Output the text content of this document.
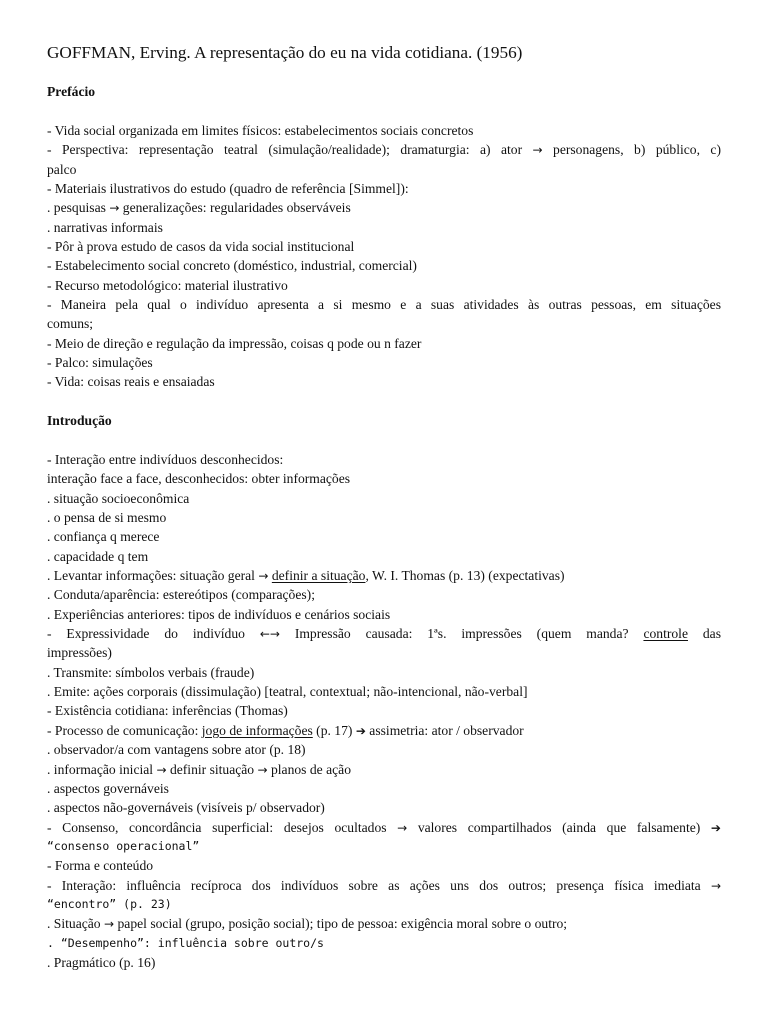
GOFFMAN, Erving. A representação do eu na vida cotidiana. (1956)
Prefácio
- Vida social organizada em limites físicos: estabelecimentos sociais concretos
- Perspectiva: representação teatral (simulação/realidade); dramaturgia: a) ator → personagens, b) público, c)
palco
- Materiais ilustrativos do estudo (quadro de referência [Simmel]):
. pesquisas → generalizações: regularidades observáveis
. narrativas informais
- Pôr à prova estudo de casos da vida social institucional
- Estabelecimento social concreto (doméstico, industrial, comercial)
- Recurso metodológico: material ilustrativo
- Maneira pela qual o indivíduo apresenta a si mesmo e a suas atividades às outras pessoas, em situações
comuns;
- Meio de direção e regulação da impressão, coisas q pode ou n fazer
- Palco: simulações
- Vida: coisas reais e ensaiadas
Introdução
- Interação entre indivíduos desconhecidos:
interação face a face, desconhecidos: obter informações
. situação socioeconômica
. o pensa de si mesmo
. confiança q merece
. capacidade q tem
. Levantar informações: situação geral → definir a situação, W. I. Thomas (p. 13) (expectativas)
. Conduta/aparência: estereótipos (comparações);
. Experiências anteriores: tipos de indivíduos e cenários sociais
- Expressividade do indivíduo ←→ Impressão causada: 1ªs. impressões (quem manda? controle das
impressões)
. Transmite: símbolos verbais (fraude)
. Emite: ações corporais (dissimulação) [teatral, contextual; não-intencional, não-verbal]
- Existência cotidiana: inferências (Thomas)
- Processo de comunicação: jogo de informações (p. 17) ➔ assimetria: ator / observador
. observador/a com vantagens sobre ator (p. 18)
. informação inicial → definir situação → planos de ação
. aspectos governáveis
. aspectos não-governáveis (visíveis p/ observador)
- Consenso, concordância superficial: desejos ocultados → valores compartilhados (ainda que falsamente) ➔
“consenso operacional”
- Forma e conteúdo
- Interação: influência recíproca dos indivíduos sobre as ações uns dos outros; presença física imediata →
“encontro” (p. 23)
. Situação → papel social (grupo, posição social); tipo de pessoa: exigência moral sobre o outro;
. “Desempenho”: influência sobre outro/s
. Pragmático (p. 16)
